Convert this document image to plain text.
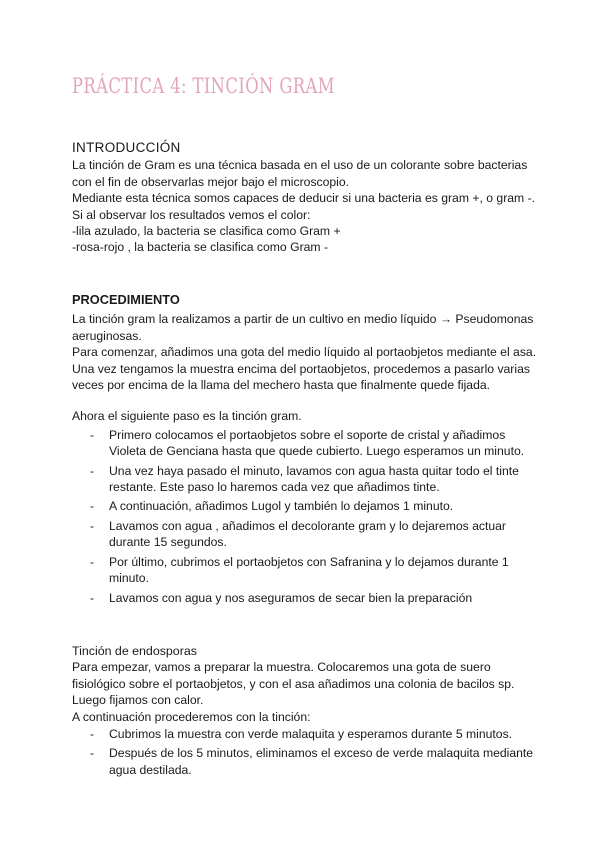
PRÁCTICA 4: TINCIÓN GRAM
INTRODUCCIÓN

La tinción de Gram es una técnica basada en el uso de un colorante sobre bacterias con el fin de observarlas mejor bajo el microscopio.

Mediante esta técnica somos capaces de deducir si una bacteria es gram +, o gram -.

Si al observar los resultados vemos el color:

-lila azulado, la bacteria se clasifica como Gram +

-rosa-rojo , la bacteria se clasifica como Gram -

PROCEDIMIENTO

La tinción gram la realizamos a partir de un cultivo en medio líquido → Pseudomonas aeruginosas.

Para comenzar, añadimos una gota del medio líquido al portaobjetos mediante el asa.

Una vez tengamos la muestra encima del portaobjetos, procedemos a pasarlo varias veces por encima de la llama del mechero hasta que finalmente quede fijada.

Ahora el siguiente paso es la tinción gram.

- Primero colocamos el portaobjetos sobre el soporte de cristal y añadimos Violeta de Genciana hasta que quede cubierto. Luego esperamos un minuto.
- Una vez haya pasado el minuto, lavamos con agua hasta quitar todo el tinte restante. Este paso lo haremos cada vez que añadimos tinte.
- A continuación, añadimos Lugol y también lo dejamos 1 minuto.
- Lavamos con agua , añadimos el decolorante gram y lo dejaremos actuar durante 15 segundos.
- Por último, cubrimos el portaobjetos con Safranina y lo dejamos durante 1 minuto.
- Lavamos con agua y nos aseguramos de secar bien la preparación
Tinción de endosporas

Para empezar, vamos a preparar la muestra. Colocaremos una gota de suero fisiológico sobre el portaobjetos, y con el asa añadimos una colonia de bacilos sp. Luego fijamos con calor.

A continuación procederemos con la tinción:

- Cubrimos la muestra con verde malaquita y esperamos durante 5 minutos.
- Después de los 5 minutos, eliminamos el exceso de verde malaquita mediante agua destilada.
